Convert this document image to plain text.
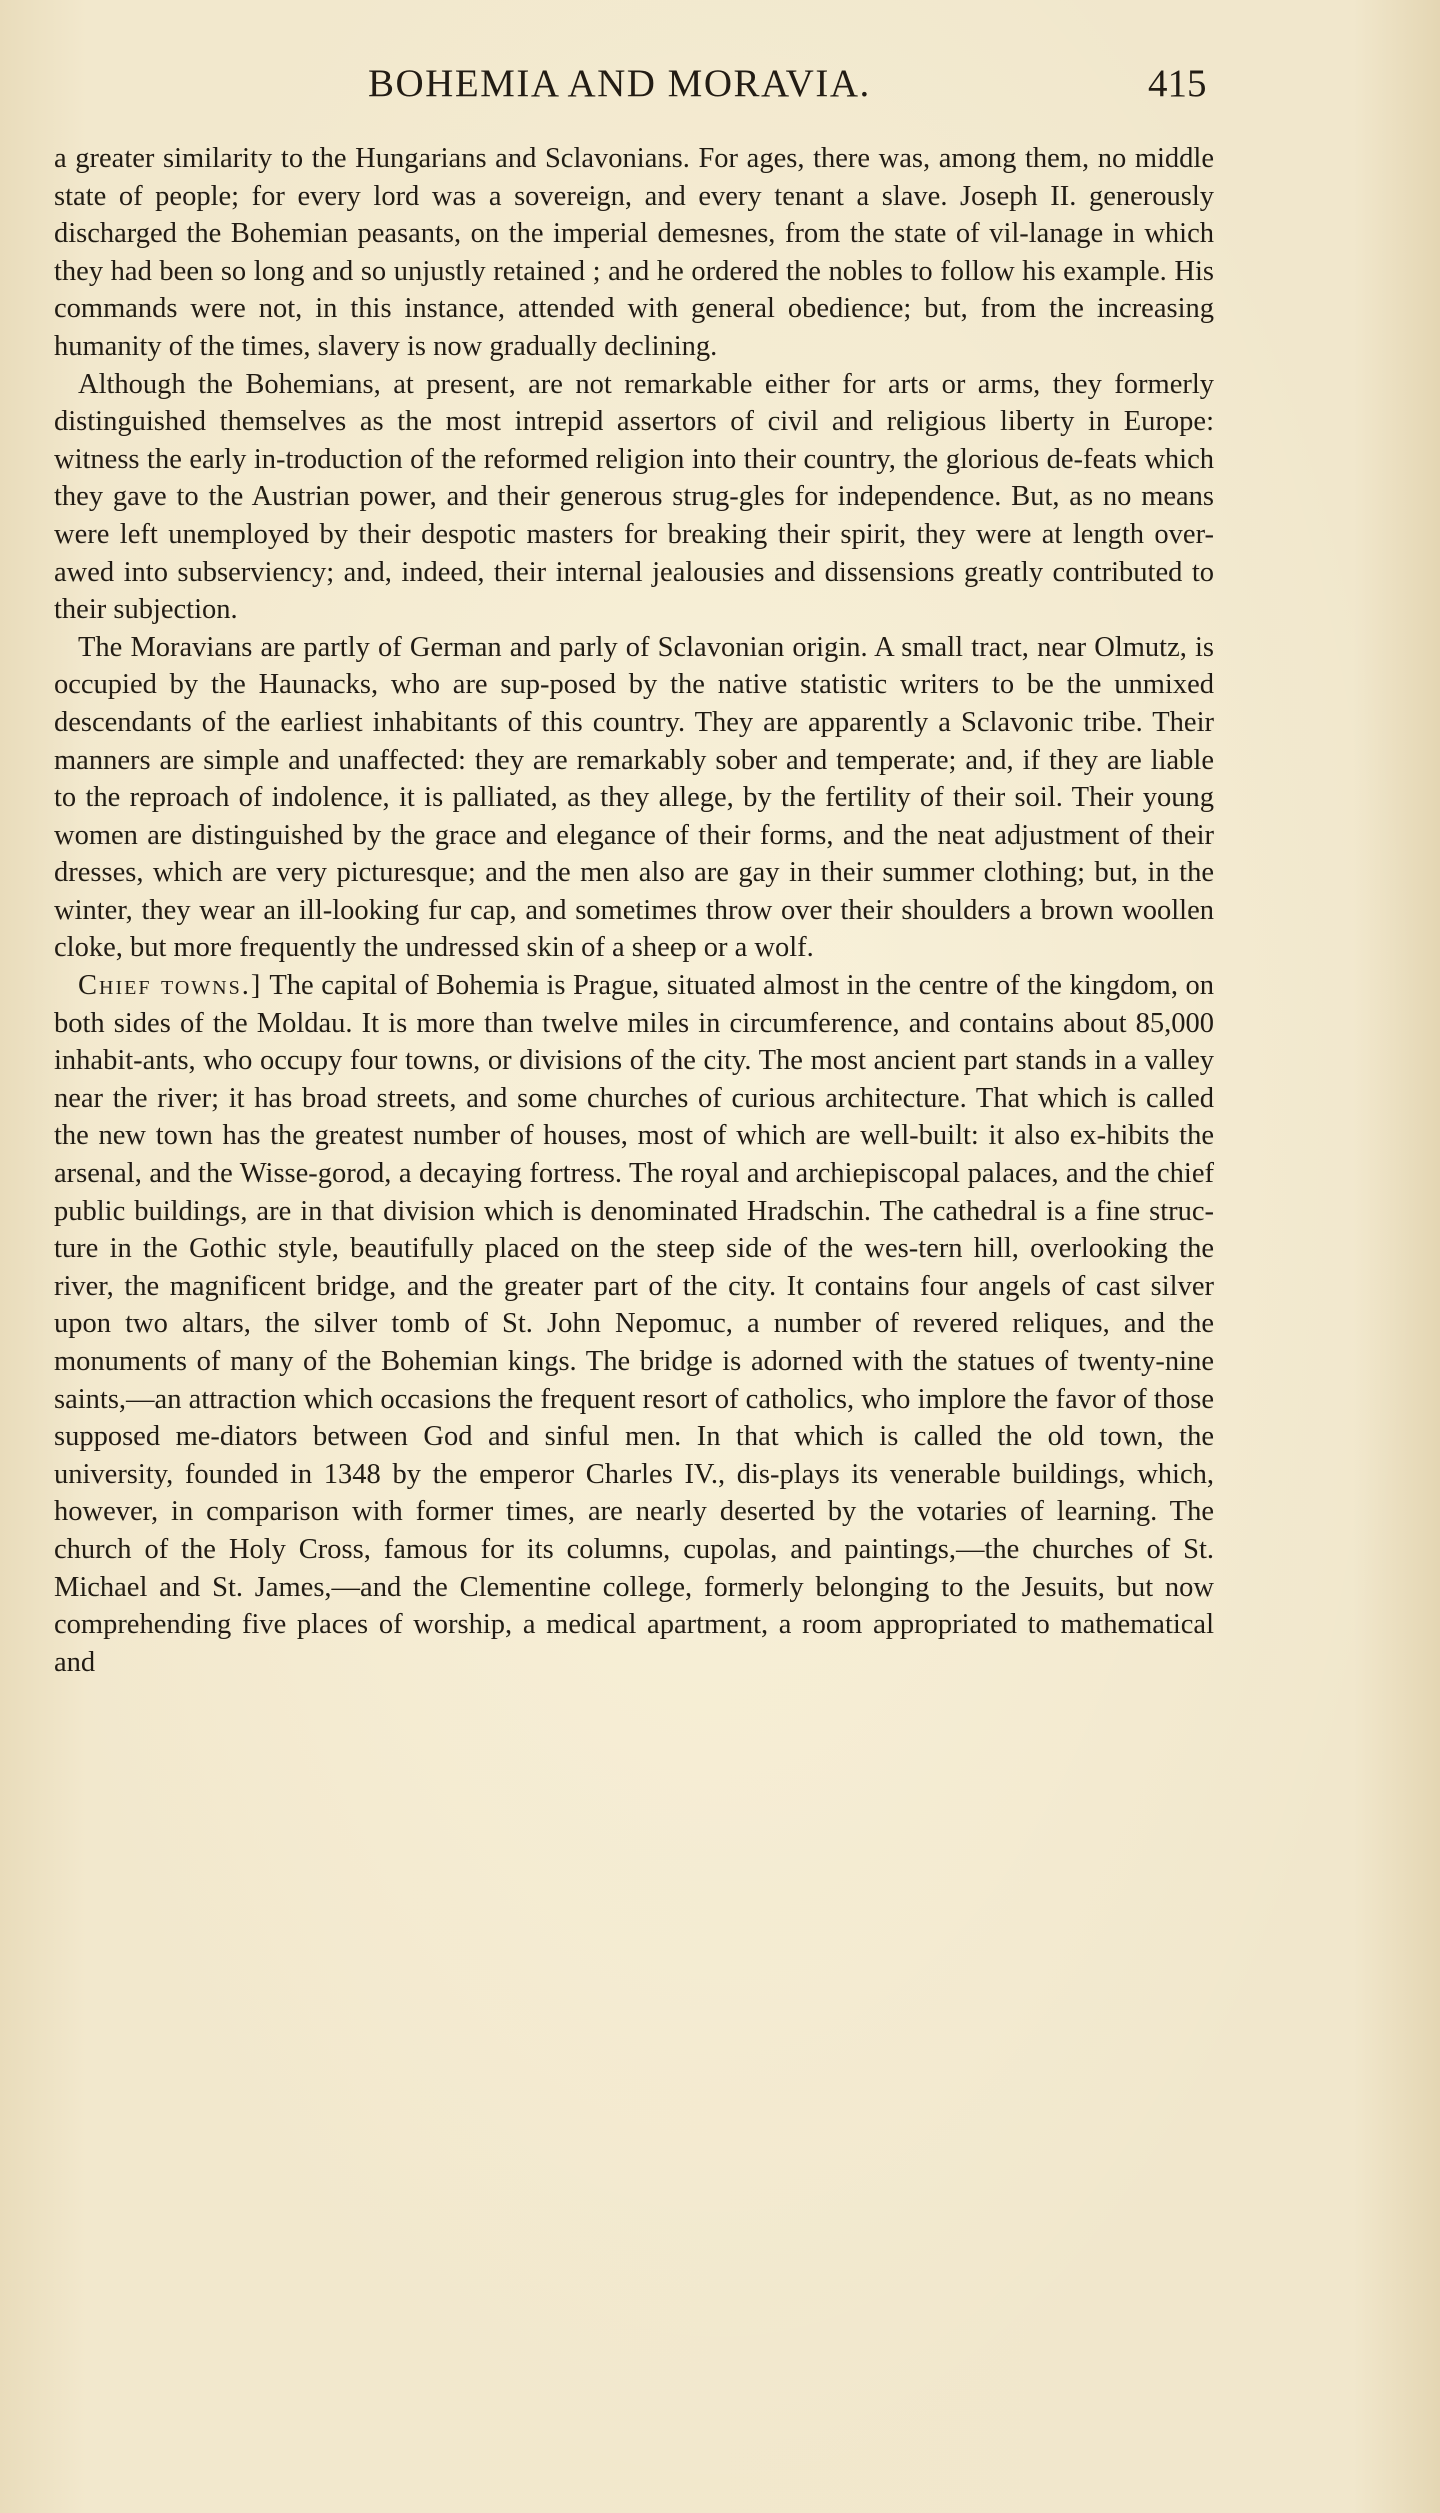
BOHEMIA AND MORAVIA.	415

a greater similarity to the Hungarians and Sclavonians. For ages, there was, among them, no middle state of people; for every lord was a sovereign, and every tenant a slave. Joseph II. generously discharged the Bohemian peasants, on the imperial demesnes, from the state of vil-lanage in which they had been so long and so unjustly retained ; and he ordered the nobles to follow his example. His commands were not, in this instance, attended with general obedience; but, from the increasing humanity of the times, slavery is now gradually declining.

Although the Bohemians, at present, are not remarkable either for arts or arms, they formerly distinguished themselves as the most intrepid assertors of civil and religious liberty in Europe: witness the early in-troduction of the reformed religion into their country, the glorious de-feats which they gave to the Austrian power, and their generous strug-gles for independence. But, as no means were left unemployed by their despotic masters for breaking their spirit, they were at length over-awed into subserviency; and, indeed, their internal jealousies and dissensions greatly contributed to their subjection.

The Moravians are partly of German and parly of Sclavonian origin. A small tract, near Olmutz, is occupied by the Haunacks, who are sup-posed by the native statistic writers to be the unmixed descendants of the earliest inhabitants of this country. They are apparently a Sclavonic tribe. Their manners are simple and unaffected: they are remarkably sober and temperate; and, if they are liable to the reproach of indolence, it is palliated, as they allege, by the fertility of their soil. Their young women are distinguished by the grace and elegance of their forms, and the neat adjustment of their dresses, which are very picturesque; and the men also are gay in their summer clothing; but, in the winter, they wear an ill-looking fur cap, and sometimes throw over their shoulders a brown woollen cloke, but more frequently the undressed skin of a sheep or a wolf.

Chief towns.] The capital of Bohemia is Prague, situated almost in the centre of the kingdom, on both sides of the Moldau. It is more than twelve miles in circumference, and contains about 85,000 inhabit-ants, who occupy four towns, or divisions of the city. The most ancient part stands in a valley near the river; it has broad streets, and some churches of curious architecture. That which is called the new town has the greatest number of houses, most of which are well-built: it also ex-hibits the arsenal, and the Wisse-gorod, a decaying fortress. The royal and archiepiscopal palaces, and the chief public buildings, are in that division which is denominated Hradschin. The cathedral is a fine struc-ture in the Gothic style, beautifully placed on the steep side of the wes-tern hill, overlooking the river, the magnificent bridge, and the greater part of the city. It contains four angels of cast silver upon two altars, the silver tomb of St. John Nepomuc, a number of revered reliques, and the monuments of many of the Bohemian kings. The bridge is adorned with the statues of twenty-nine saints,—an attraction which occasions the frequent resort of catholics, who implore the favor of those supposed me-diators between God and sinful men. In that which is called the old town, the university, founded in 1348 by the emperor Charles IV., dis-plays its venerable buildings, which, however, in comparison with former times, are nearly deserted by the votaries of learning. The church of the Holy Cross, famous for its columns, cupolas, and paintings,—the churches of St. Michael and St. James,—and the Clementine college, formerly belonging to the Jesuits, but now comprehending five places of worship, a medical apartment, a room appropriated to mathematical and
